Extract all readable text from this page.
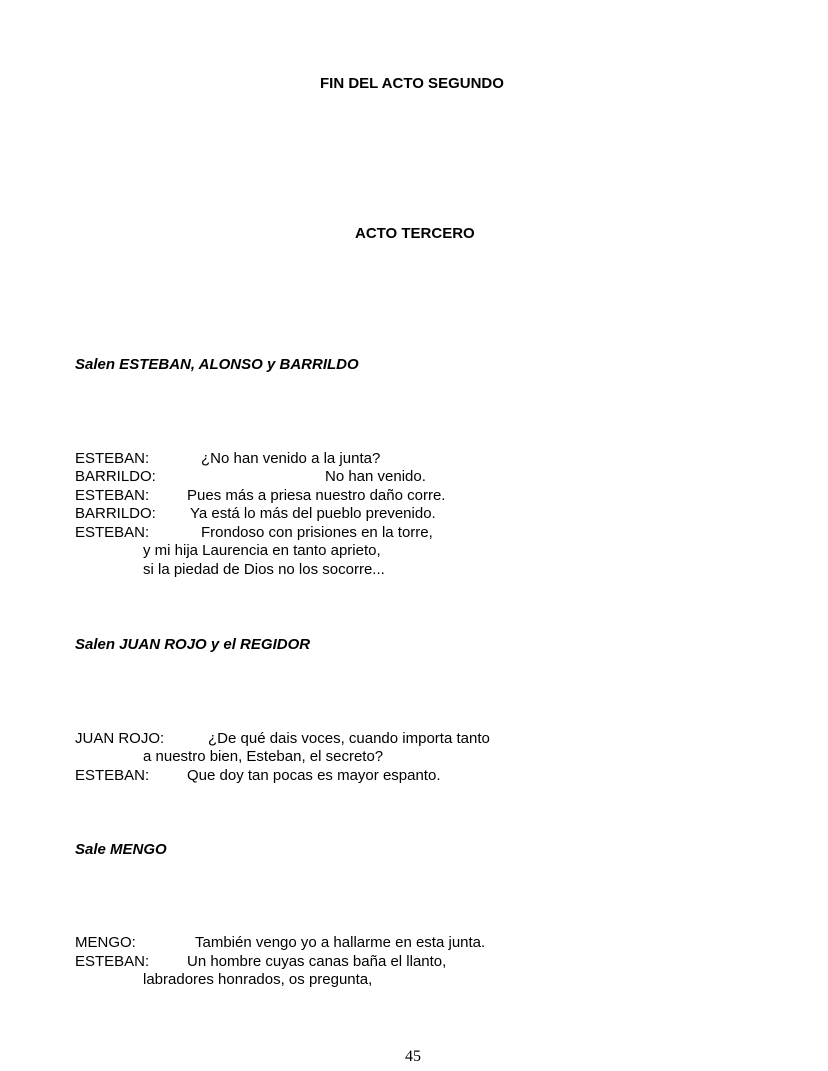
FIN DEL ACTO SEGUNDO
ACTO TERCERO
Salen ESTEBAN, ALONSO y BARRILDO
ESTEBAN:	¿No han venido a la junta?
BARRILDO:	No han venido.
ESTEBAN:	Pues más a priesa nuestro daño corre.
BARRILDO: Ya está lo más del pueblo prevenido.
ESTEBAN:	Frondoso con prisiones en la torre,
y mi hija Laurencia en tanto aprieto,
si la piedad de Dios no los socorre...
Salen JUAN ROJO y el REGIDOR
JUAN ROJO:	¿De qué dais voces, cuando importa tanto
a nuestro bien, Esteban, el secreto?
ESTEBAN:	Que doy tan pocas es mayor espanto.
Sale MENGO
MENGO:	También vengo yo a hallarme en esta junta.
ESTEBAN:	Un hombre cuyas canas baña el llanto,
labradores honrados, os pregunta,
45
